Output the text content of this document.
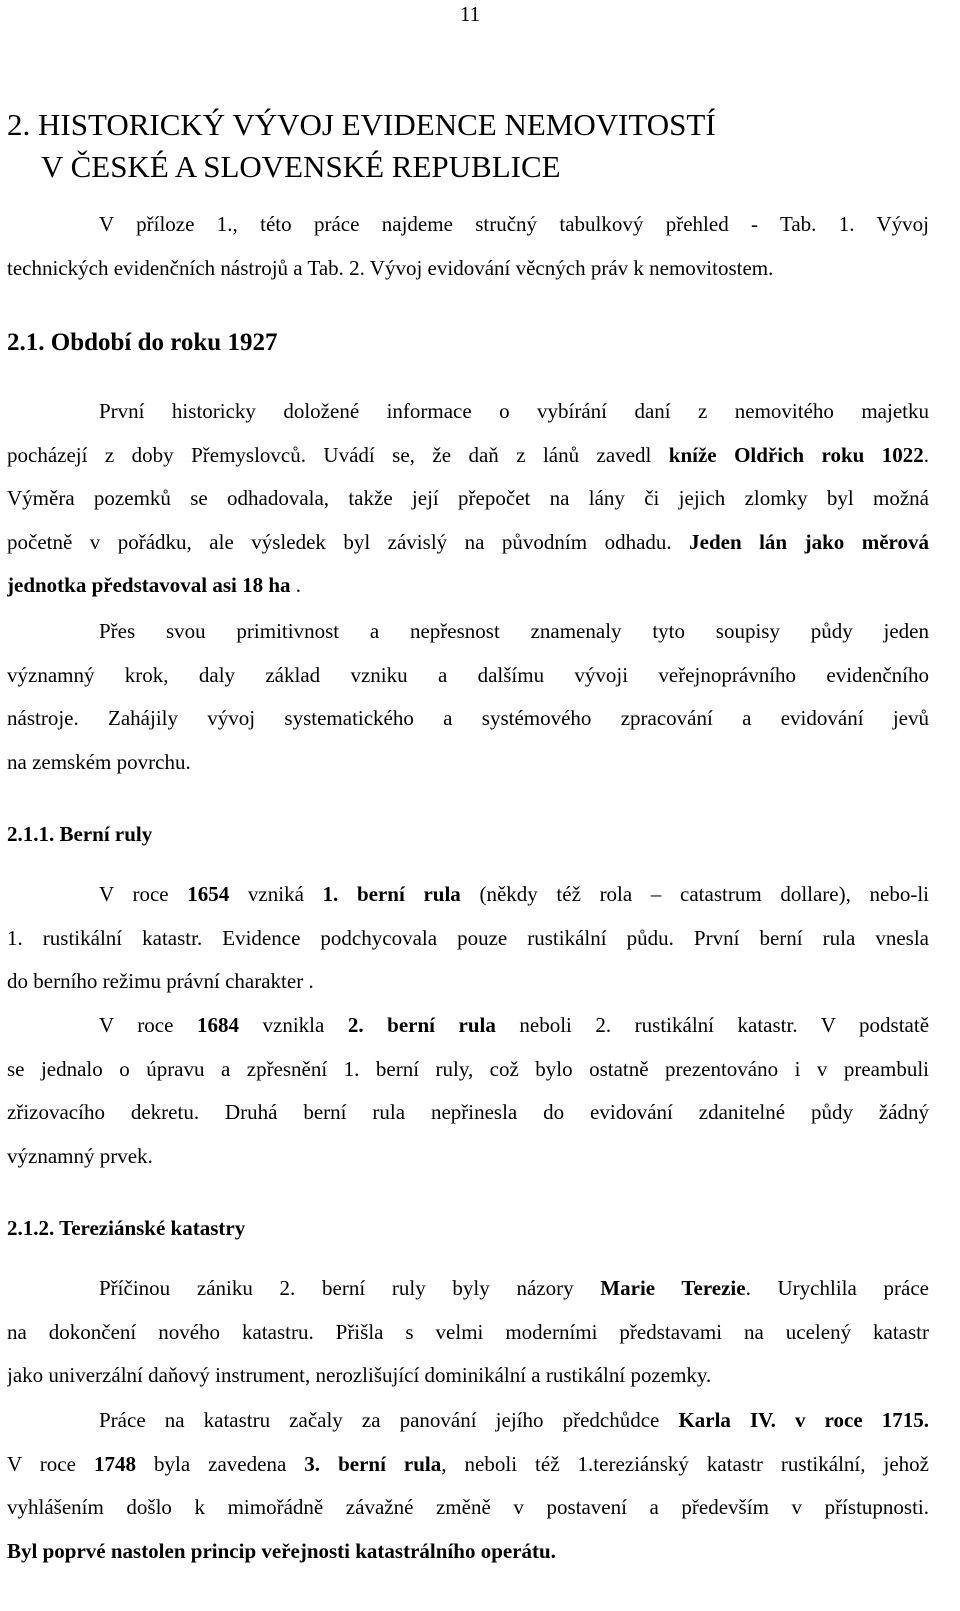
11
2. HISTORICKÝ VÝVOJ EVIDENCE NEMOVITOSTÍ
V ČESKÉ A SLOVENSKÉ REPUBLICE
V příloze 1., této práce najdeme stručný tabulkový přehled - Tab. 1. Vývoj
technických evidenčních nástrojů a Tab. 2. Vývoj evidování věcných práv k nemovitostem.
2.1. Období do roku 1927
První historicky doložené informace o vybírání daní z nemovitého majetku
pocházejí z doby Přemyslovců. Uvádí se, že daň z lánů zavedl kníže Oldřich roku 1022.
Výměra pozemků se odhadovala, takže její přepočet na lány či jejich zlomky byl možná
početně v pořádku, ale výsledek byl závislý na původním odhadu. Jeden lán jako měrová
jednotka představoval asi 18 ha .
Přes svou primitivnost a nepřesnost znamenaly tyto soupisy půdy jeden
významný krok, daly základ vzniku a dalšímu vývoji veřejnoprávního evidenčního
nástroje. Zahájily vývoj systematického a systémového zpracování a evidování jevů
na zemském povrchu.
2.1.1. Berní ruly
V roce 1654 vzniká 1. berní rula (někdy též rola – catastrum dollare), nebo-li
1. rustikální katastr. Evidence podchycovala pouze rustikální půdu. První berní rula vnesla
do berního režimu právní charakter .
V roce 1684 vznikla 2. berní rula neboli 2. rustikální katastr. V podstatě
se jednalo o úpravu a zpřesnění 1. berní ruly, což bylo ostatně prezentováno i v preambuli
zřizovacího dekretu. Druhá berní rula nepřinesla do evidování zdanitelné půdy žádný
významný prvek.
2.1.2. Tereziánské katastry
Příčinou zániku 2. berní ruly byly názory Marie Terezie. Urychlila práce
na dokončení nového katastru. Přišla s velmi moderními představami na ucelený katastr
jako univerzální daňový instrument, nerozlišující dominikální a rustikální pozemky.
Práce na katastru začaly za panování jejího předchůdce Karla IV. v roce 1715.
V roce 1748 byla zavedena 3. berní rula, neboli též 1.tereziánský katastr rustikální, jehož
vyhlášením došlo k mimořádně závažné změně v postavení a především v přístupnosti.
Byl poprvé nastolen princip veřejnosti katastrálního operátu.
